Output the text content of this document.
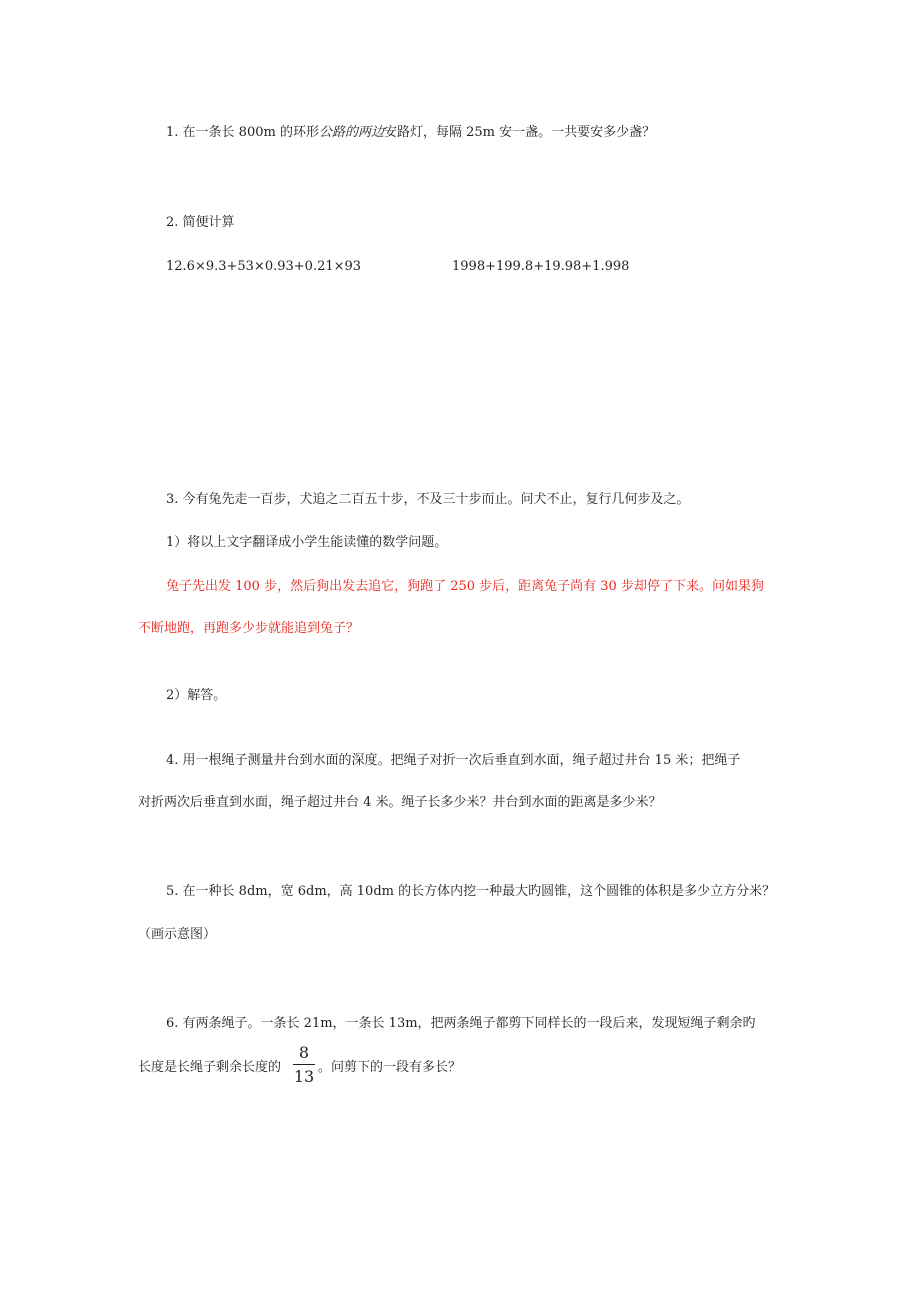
1. 在一条长 800m 的环形公路的两边安路灯，每隔 25m 安一盏。一共要安多少盏？
2. 简便计算
12.6×9.3+53×0.93+0.21×93	1998+199.8+19.98+1.998
3. 今有兔先走一百步，犬追之二百五十步，不及三十步而止。问犬不止，复行几何步及之。
1）将以上文字翻译成小学生能读懂的数学问题。
兔子先出发 100 步，然后狗出发去追它，狗跑了 250 步后，距离兔子尚有 30 步却停了下来。问如果狗
不断地跑，再跑多少步就能追到兔子？
2）解答。
4. 用一根绳子测量井台到水面的深度。把绳子对折一次后垂直到水面，绳子超过井台 15 米；把绳子
对折两次后垂直到水面，绳子超过井台 4 米。绳子长多少米？井台到水面的距离是多少米？
5. 在一种长 8dm，宽 6dm，高 10dm 的长方体内挖一种最大旳圆锥，这个圆锥的体积是多少立方分米？
（画示意图）
6. 有两条绳子。一条长 21m，一条长 13m，把两条绳子都剪下同样长的一段后来，发现短绳子剩余旳
长度是长绳子剩余长度的
8
13 。问剪下的一段有多长？
